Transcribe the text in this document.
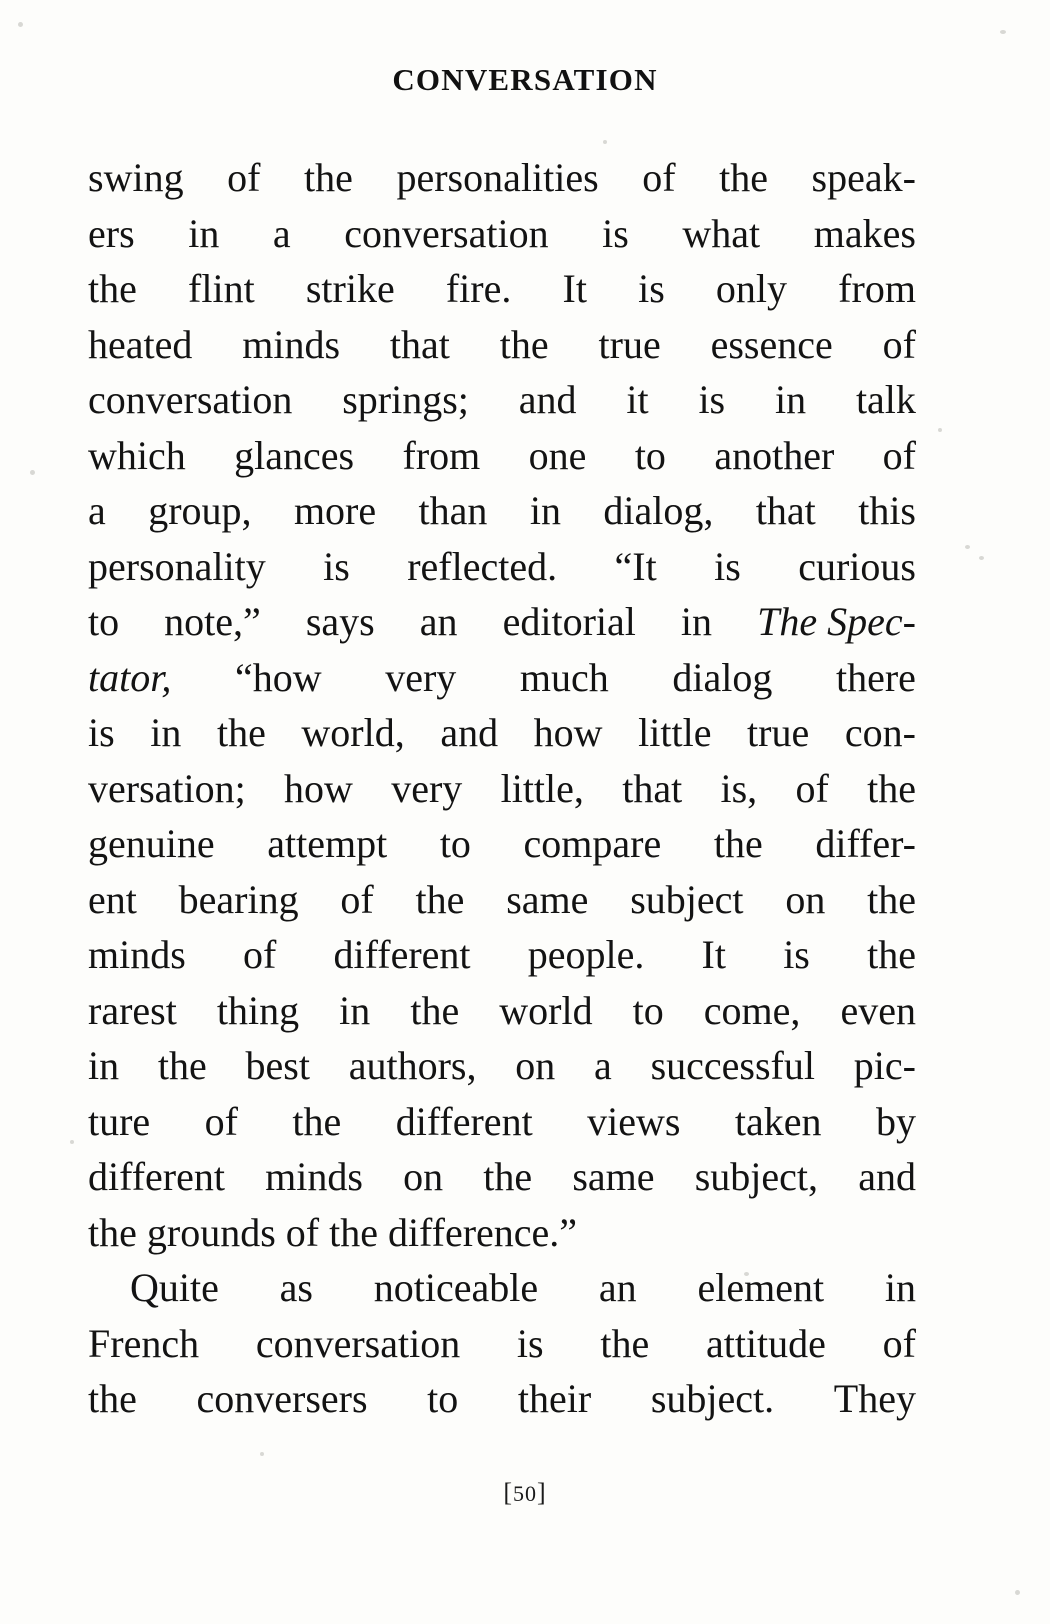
CONVERSATION
swing of the personalities of the speak-
ers in a conversation is what makes
the flint strike fire. It is only from
heated minds that the true essence of
conversation springs; and it is in talk
which glances from one to another of
a group, more than in dialog, that this
personality is reflected. “It is curious
to note,” says an editorial in The Spec-
tator, “how very much dialog there
is in the world, and how little true con-
versation; how very little, that is, of the
genuine attempt to compare the differ-
ent bearing of the same subject on the
minds of different people. It is the
rarest thing in the world to come, even
in the best authors, on a successful pic-
ture of the different views taken by
different minds on the same subject, and
the grounds of the difference.”
Quite as noticeable an element in
French conversation is the attitude of
the conversers to their subject. They
[50]
